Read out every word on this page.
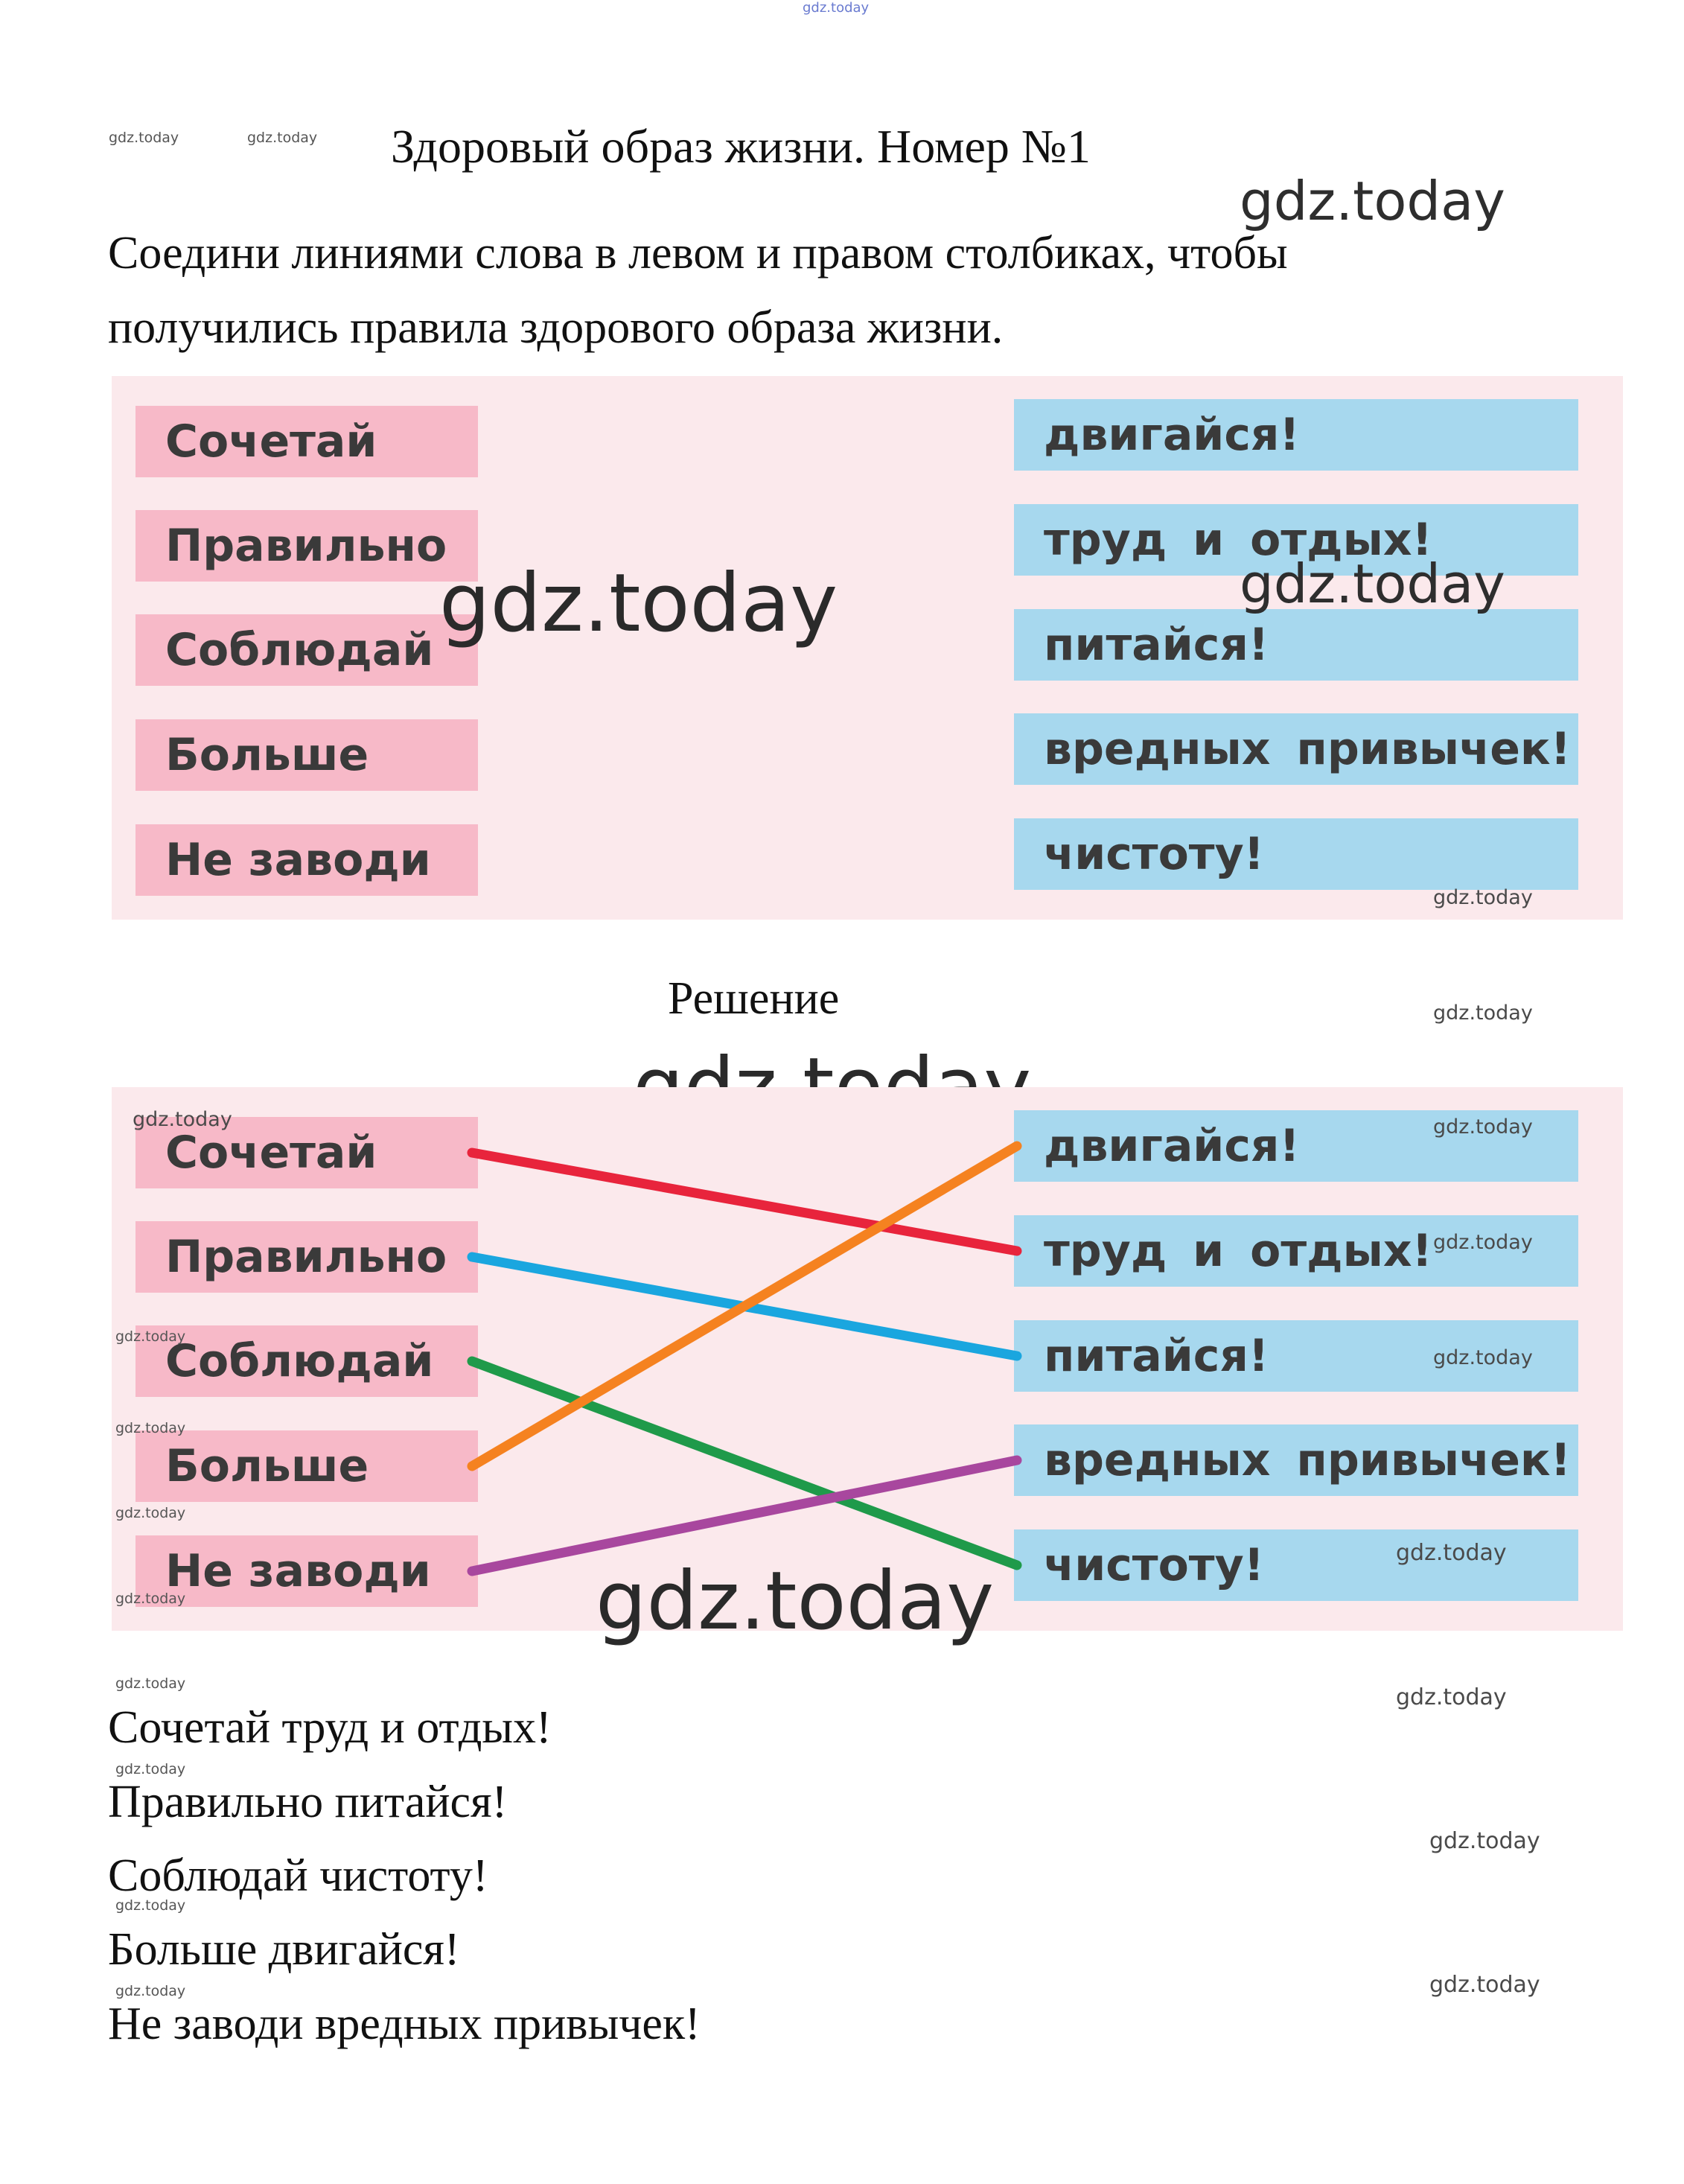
gdz.today
gdz.today	gdz.today Здоровый образ жизни. Номер №1
gdz.today
Соедини линиями слова в левом и правом столбиках, чтобы
получились правила здорового образа жизни.
Сочетай
Правильно
Соблюдай
Больше
Не заводи
двигайся!
труд и отдых!
питайся!
вредных привычек!
чистоту!
gdz.today	gdz.today
gdz.today
Решение	gdz.today
Сочетай
Правильно
Соблюдай
Больше
Не заводи
двигайся!
труд и отдых!
питайся!
вредных привычек!
чистоту!
gdz.today	gdz.today
gdz.today
gdz.today
gdz.today
gdz.today
gdz.today
gdz.today
gdz.today
gdz.today
gdz.today
gdz.today
Сочетай труд и отдых!
gdz.today
Правильно питайся!
gdz.today
Соблюдай чистоту!
gdz.today
Больше двигайся!
gdz.today
gdz.today
Не заводи вредных привычек!
